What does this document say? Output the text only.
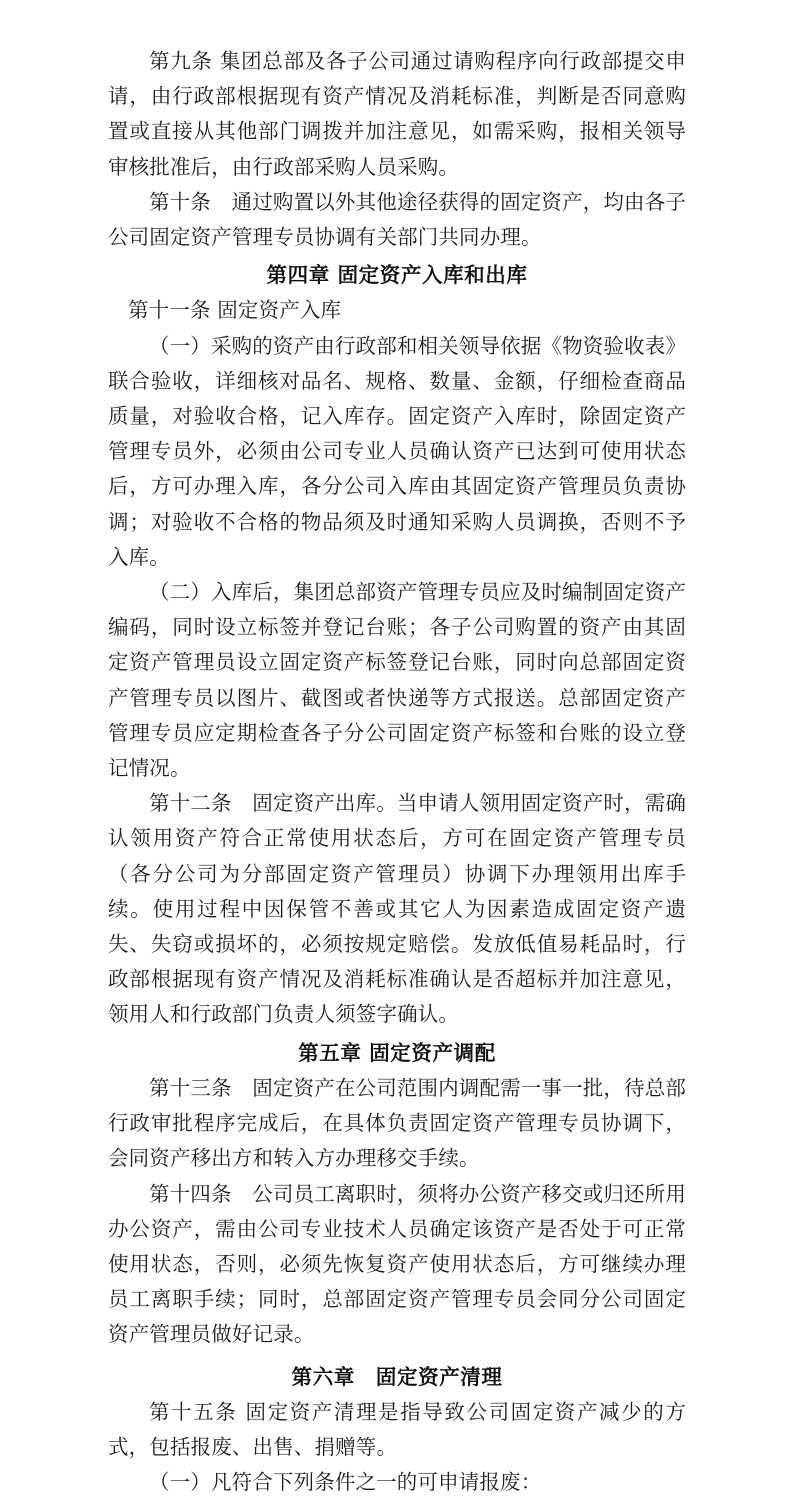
第九条 集团总部及各子公司通过请购程序向行政部提交申请，由行政部根据现有资产情况及消耗标准，判断是否同意购置或直接从其他部门调拨并加注意见，如需采购，报相关领导审核批准后，由行政部采购人员采购。

第十条　通过购置以外其他途径获得的固定资产，均由各子公司固定资产管理专员协调有关部门共同办理。

第四章 固定资产入库和出库

第十一条 固定资产入库

（一）采购的资产由行政部和相关领导依据《物资验收表》联合验收，详细核对品名、规格、数量、金额，仔细检查商品质量，对验收合格，记入库存。固定资产入库时，除固定资产管理专员外，必须由公司专业人员确认资产已达到可使用状态后，方可办理入库，各分公司入库由其固定资产管理员负责协调；对验收不合格的物品须及时通知采购人员调换，否则不予入库。

（二）入库后，集团总部资产管理专员应及时编制固定资产编码，同时设立标签并登记台账；各子公司购置的资产由其固定资产管理员设立固定资产标签登记台账，同时向总部固定资产管理专员以图片、截图或者快递等方式报送。总部固定资产管理专员应定期检查各子分公司固定资产标签和台账的设立登记情况。

第十二条　固定资产出库。当申请人领用固定资产时，需确认领用资产符合正常使用状态后，方可在固定资产管理专员（各分公司为分部固定资产管理员）协调下办理领用出库手续。使用过程中因保管不善或其它人为因素造成固定资产遗失、失窃或损坏的，必须按规定赔偿。发放低值易耗品时，行政部根据现有资产情况及消耗标准确认是否超标并加注意见，领用人和行政部门负责人须签字确认。

第五章 固定资产调配

第十三条　固定资产在公司范围内调配需一事一批，待总部行政审批程序完成后，在具体负责固定资产管理专员协调下，会同资产移出方和转入方办理移交手续。

第十四条　公司员工离职时，须将办公资产移交或归还所用办公资产，需由公司专业技术人员确定该资产是否处于可正常使用状态，否则，必须先恢复资产使用状态后，方可继续办理员工离职手续；同时，总部固定资产管理专员会同分公司固定资产管理员做好记录。

第六章　固定资产清理

第十五条 固定资产清理是指导致公司固定资产减少的方式，包括报废、出售、捐赠等。

（一）凡符合下列条件之一的可申请报废：
